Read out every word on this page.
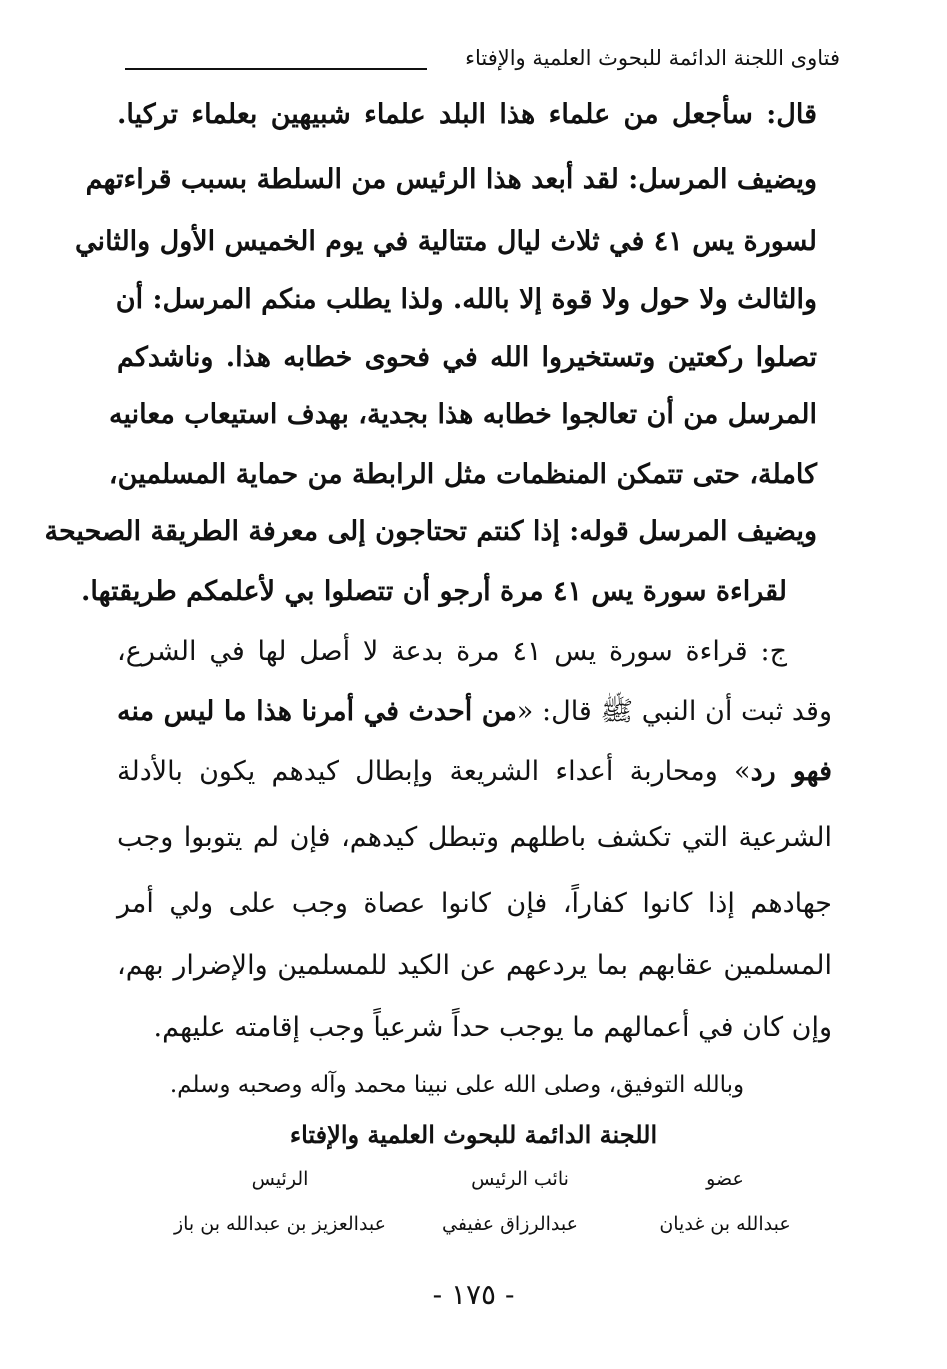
فتاوى اللجنة الدائمة للبحوث العلمية والإفتاء
قال: سأجعل من علماء هذا البلد علماء شبيهين بعلماء تركيا.
ويضيف المرسل: لقد أبعد هذا الرئيس من السلطة بسبب قراءتهم
لسورة يس ٤١ في ثلاث ليال متتالية في يوم الخميس الأول والثاني
والثالث ولا حول ولا قوة إلا بالله. ولذا يطلب منكم المرسل: أن
تصلوا ركعتين وتستخيروا الله في فحوى خطابه هذا. وناشدكم
المرسل من أن تعالجوا خطابه هذا بجدية، بهدف استيعاب معانيه
كاملة، حتى تتمكن المنظمات مثل الرابطة من حماية المسلمين،
ويضيف المرسل قوله: إذا كنتم تحتاجون إلى معرفة الطريقة الصحيحة
لقراءة سورة يس ٤١ مرة أرجو أن تتصلوا بي لأعلمكم طريقتها.
ج: قراءة سورة يس ٤١ مرة بدعة لا أصل لها في الشرع،
وقد ثبت أن النبي ﷺ قال: «من أحدث في أمرنا هذا ما ليس منه
فهو رد» ومحاربة أعداء الشريعة وإبطال كيدهم يكون بالأدلة
الشرعية التي تكشف باطلهم وتبطل كيدهم، فإن لم يتوبوا وجب
جهادهم إذا كانوا كفاراً، فإن كانوا عصاة وجب على ولي أمر
المسلمين عقابهم بما يردعهم عن الكيد للمسلمين والإضرار بهم،
وإن كان في أعمالهم ما يوجب حداً شرعياً وجب إقامته عليهم.
وبالله التوفيق، وصلى الله على نبينا محمد وآله وصحبه وسلم.
اللجنة الدائمة للبحوث العلمية والإفتاء
عضو
عبدالله بن غديان
نائب الرئيس
عبدالرزاق عفيفي
الرئيس
عبدالعزيز بن عبدالله بن باز
- ١٧٥ -
